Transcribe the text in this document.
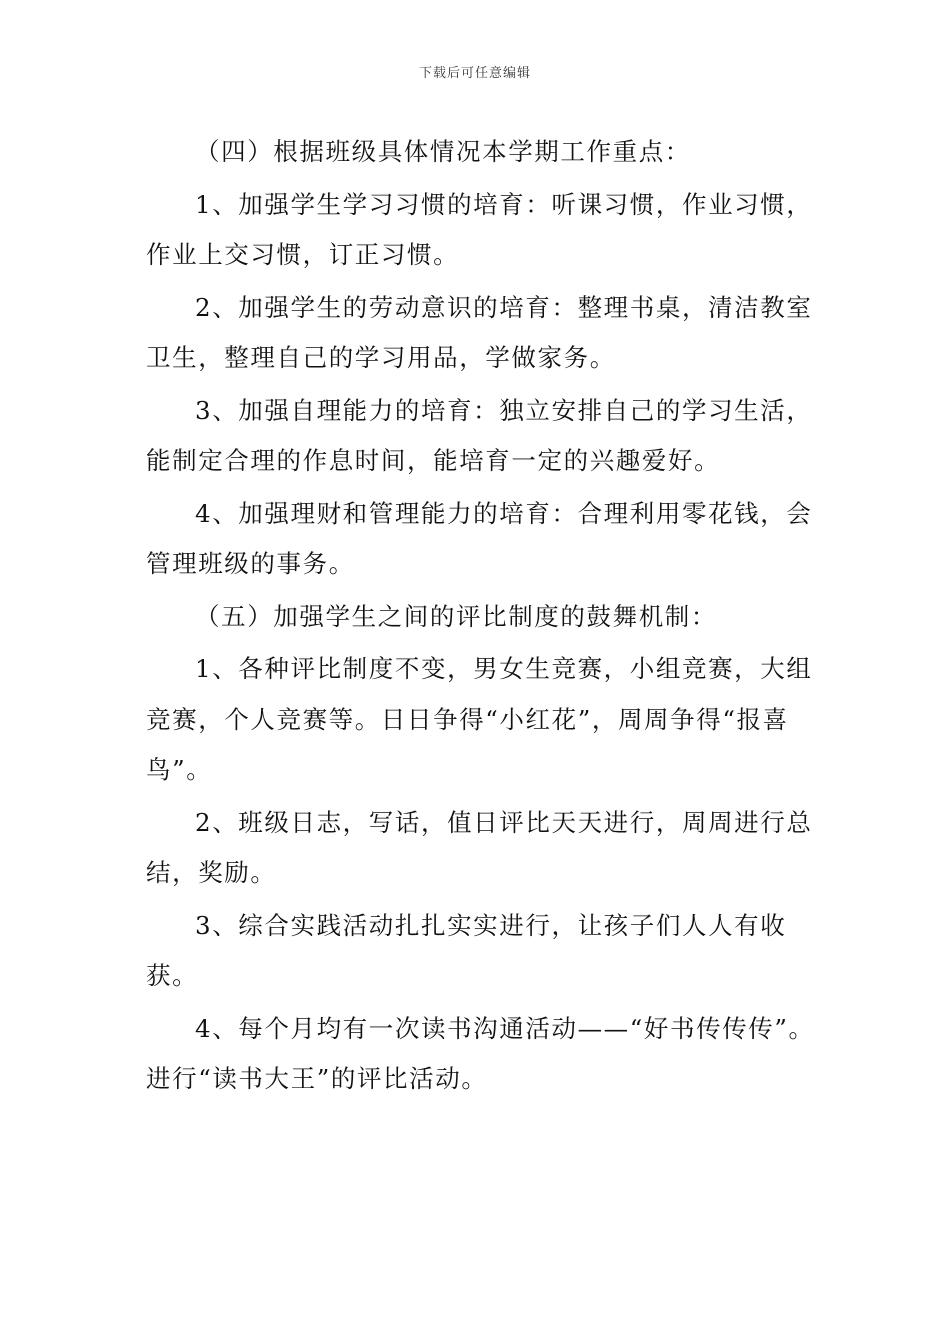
下载后可任意编辑

（四）根据班级具体情况本学期工作重点：

1、加强学生学习习惯的培育：听课习惯，作业习惯，作业上交习惯，订正习惯。

2、加强学生的劳动意识的培育：整理书桌，清洁教室卫生，整理自己的学习用品，学做家务。

3、加强自理能力的培育：独立安排自己的学习生活，能制定合理的作息时间，能培育一定的兴趣爱好。

4、加强理财和管理能力的培育：合理利用零花钱，会管理班级的事务。

（五）加强学生之间的评比制度的鼓舞机制：

1、各种评比制度不变，男女生竞赛，小组竞赛，大组竞赛，个人竞赛等。日日争得“小红花”，周周争得“报喜鸟”。

2、班级日志，写话，值日评比天天进行，周周进行总结，奖励。

3、综合实践活动扎扎实实进行，让孩子们人人有收获。

4、每个月均有一次读书沟通活动——“好书传传传”。进行“读书大王”的评比活动。
